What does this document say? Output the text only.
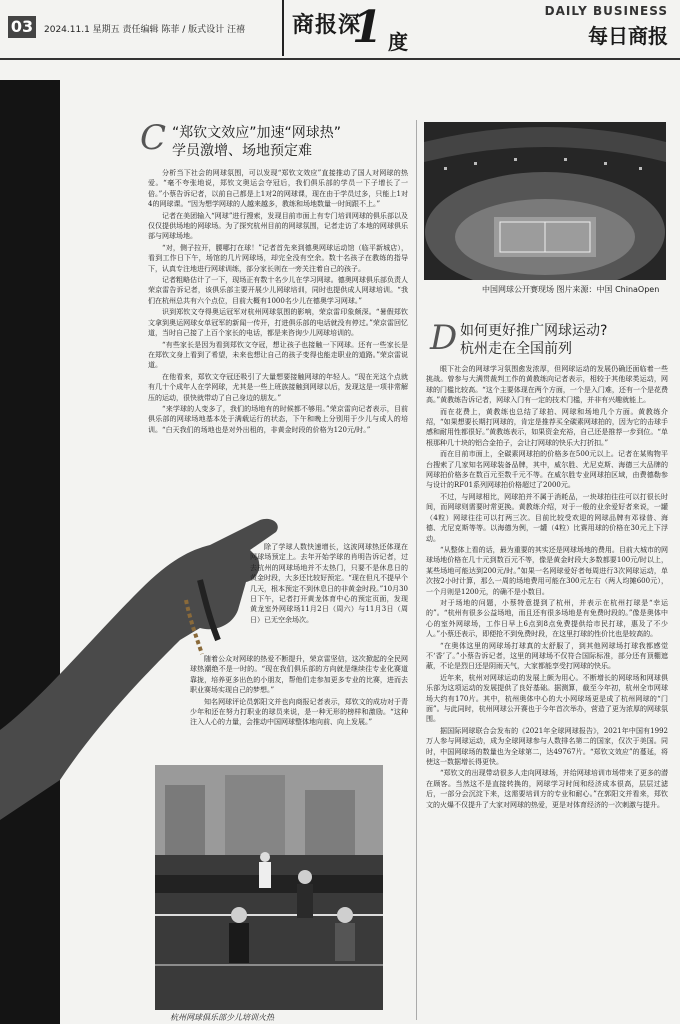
03	2024.11.1 星期五 责任编辑 陈菲 / 版式设计 汪禧 商报深
1 度
DAILY BUSINESS
每日商报
C “郑钦文效应”加速“网球热”
学员激增、场地预定难

分析当下社会的网球氛围，可以发现“郑钦文效应”直接推动了国人对网球的热爱。“毫不夸张地说，郑钦文奥运会夺冠后，我们俱乐部的学员一下子增长了一倍。”小蔡告诉记者，以前自己都是上1对2的网球课，现在由于学员过多，只能上1对4的网球课。“因为想学网球的人越来越多，教练和场地数量一时间跟不上。”

记者在美团输入“网球”进行搜索，发现目前市面上有专门培训网球的俱乐部以及仅仅提供场地的网球场。为了探究杭州目前的网球氛围，记者走访了本地的网球俱乐部与网球场地。

“对，侧子拉开，腰哪打在球！”记者首先来到德奥网球运动馆（临平新城店），看到工作日下午，场馆的几片网球场，却完全没有空余。数十名孩子在教练的指导下，认真专注地进行网球训练，部分家长则在一旁关注着自己的孩子。

记者粗略估计了一下，现场正有数十名少儿在学习网球。德奥网球俱乐部负责人荣京雷告诉记者，该俱乐部主要开展少儿网球培训，同时也提供成人网球培训。“我们在杭州总共有六个点位，目前大概有1000名少儿在德奥学习网球。”

识到郑钦文夺得奥运冠军对杭州网球氛围的影响，荣京雷印象颇深。“暑假郑钦文拿到奥运网球女单冠军的新闻一传开，打进俱乐部的电话就没有停过。”荣京雷回忆道，当时自己接了上百个家长的电话，都是来咨询少儿网球培训的。

“有些家长是因为看到郑钦文夺冠，想让孩子也接触一下网球。还有一些家长是在郑钦文身上看到了希望，未来也想让自己的孩子变得也能走职业的道路。”荣京雷说道。

在他看来，郑钦文夺冠还吸引了大量想要接触网球的年轻人。“现在光这个点就有几十个成年人在学网球，尤其是一些上班族接触到网球以后，发现这是一项非常解压的运动，很快就带动了自己身边的朋友。”

“来学球的人变多了，我们的场地有的时候都不够用。”荣京雷向记者表示，目前俱乐部的网球场地基本处于满载运行的状态，下午和晚上分别用于少儿与成人的培训。“白天我们的场地也是对外出租的，非黄金时段的价格为120元/时。”

除了学球人数快速增长，这波网球热还体现在网球场预定上。去年开始学球的肖明告诉记者，过去杭州的网球场地并不太热门，只要不是休息日的黄金时段，大多还比较好预定。“现在但凡不提早个几天，根本预定不到休息日的非黄金时段。”10月30日下午，记者打开黄龙体育中心的预定页面，发现黄龙室外网球场11月2日（周六）与11月3日（周日）已无空余场次。

随着公众对网球的热爱不断提升，荣京雷坚信，这次掀起的全民网球热潮绝不是一时的。“现在我们俱乐部的方向就是继续往专业化赛道靠拢，培养更多出色的小朋友，帮他们走参加更多专业的比赛，进而去职业赛场实现自己的梦想。”

知名网球评论员郭阳文并也向商报记者表示，郑钦文的成功对于青少年和还在努力打职业的球员来说，是一种无形的榜样和激励。“这种注入人心的力量，会推动中国网球整体地向前、向上发展。”

杭州网球俱乐部少儿培训火热
中国网球公开赛现场 图片来源：中国 ChinaOpen
D 如何更好推广网球运动?
杭州走在全国前列

眼下社会的网球学习氛围愈发浓厚，但网球运动的发展仍确还面临着一些挑战。曾参与大满贯裁判工作的黄教练向记者表示，相较于其他球类运动，网球的门槛比较高。“这个主要体现在两个方面，一个是入门难，还有一个是花费高。”黄教练告诉记者，网球入门有一定的技术门槛，并非有兴趣就能上。

而在花费上，黄教练也总结了球拍、网球和场地几个方面。黄教练介绍，“如果想要长期打网球的，肯定是推荐买全碳素网球拍的，因为它的击球手感和耐用性都很好。”黄教练表示，如果资金充裕，自己还是推荐一步到位。“单根那种几十块的铝合金拍子，会让打网球的快乐大打折扣。”

而在目前市面上，全碳素网球拍的价格多在500元以上。记者在某购物平台搜索了几家知名网球装备品牌，其中，威尔胜、尤尼克斯、海德三大品牌的网球拍价格多在数百元至数千元不等。在威尔胜专业网球拍区域，由费德勒参与设计的RF01系列网球拍价格超过了2000元。

不过，与网球相比，网球拍并不属于消耗品，一块球拍往往可以打很长时间，而网球则需要时常更换。黄教练介绍，对于一般的业余爱好者来说，一罐（4粒）网球往往可以打两三次。目前比较受欢迎的网球品牌有邓禄普、海德、尤尼克斯等等。以海德为例，一罐（4粒）比赛用球的价格在30元上下浮动。

“从整体上看的话，最为重要的其实还是网球场地的费用。目前大城市的网球场地价格在几十元到数百元不等，像是黄金时段大多数都要100元/时以上，某些场地可能达到200元/时。”如果一名网球爱好者每周进行3次网球运动，单次按2小时计算，那么一周的场地费用可能在300元左右（两人均摊600元），一个月则是1200元，的确不是小数目。

对于场地的问题，小蔡特意提到了杭州，并表示在杭州打球是“幸运的”。“杭州有很多公益场地，而且还有很多场地是有免费时段的。”像是奥体中心的室外网球场，工作日早上6点到8点免费提供给市民打球，惠及了不少人。”小蔡还表示，即便抢不到免费时段，在这里打球的性价比也是较高的。

“在奥体这里的网球场打球真的太舒服了，到其他网球场打球我都感觉不‘香’了。”小蔡告诉记者，这里的网球场不仅符合国际标准，部分还有顶棚遮蔽，不论是烈日还是阴雨天气，大家都能享受打网球的快乐。

近年来，杭州对网球运动的发展上颇为用心。不断增长的网球场和网球俱乐部为这项运动的发展提供了良好基础。据测算，截至今年初，杭州全市网球场大约有170片。其中，杭州奥体中心的大小网球场更是成了杭州网球的“门面”。与此同时，杭州网球公开赛也于今年首次举办，营造了更为浓厚的网球氛围。

据国际网球联合会发布的《2021年全球网球报告》，2021年中国有1992万人参与网球运动，成为全球网球参与人数排名第二的国家，仅次于美国。同时，中国网球场的数量也为全球第二，达49767片。“郑钦文效应”的蔓延，将使这一数据增长得更快。

“郑钦文的出现带动很多人走向网球场，并给网球培训市场带来了更多的潜在顾客。当然这不是直接转换的，网球学习时间和经济成本很高，层层过滤后，一部分会沉淀下来，这需要培训方的专业和耐心。”在郭阳文并看来，郑钦文的火爆不仅提升了大家对网球的热爱，更是对体育经济的一次刺激与提升。
